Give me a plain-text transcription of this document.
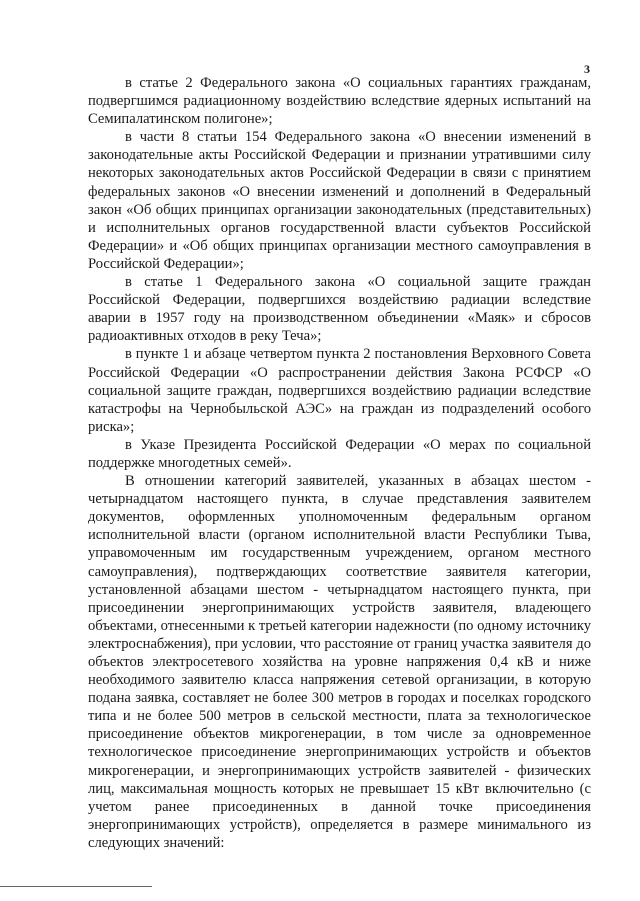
3

в статье 2 Федерального закона «О социальных гарантиях гражданам, подвергшимся радиационному воздействию вследствие ядерных испытаний на Семипалатинском полигоне»;

в части 8 статьи 154 Федерального закона «О внесении изменений в законодательные акты Российской Федерации и признании утратившими силу некоторых законодательных актов Российской Федерации в связи с принятием федеральных законов «О внесении изменений и дополнений в Федеральный закон «Об общих принципах организации законодательных (представительных) и исполнительных органов государственной власти субъектов Российской Федерации» и «Об общих принципах организации местного самоуправления в Российской Федерации»;

в статье 1 Федерального закона «О социальной защите граждан Российской Федерации, подвергшихся воздействию радиации вследствие аварии в 1957 году на производственном объединении «Маяк» и сбросов радиоактивных отходов в реку Теча»;

в пункте 1 и абзаце четвертом пункта 2 постановления Верховного Совета Российской Федерации «О распространении действия Закона РСФСР «О социальной защите граждан, подвергшихся воздействию радиации вследствие катастрофы на Чернобыльской АЭС» на граждан из подразделений особого риска»;

в Указе Президента Российской Федерации «О мерах по социальной поддержке многодетных семей».

В отношении категорий заявителей, указанных в абзацах шестом - четырнадцатом настоящего пункта, в случае представления заявителем документов, оформленных уполномоченным федеральным органом исполнительной власти (органом исполнительной власти Республики Тыва, управомоченным им государственным учреждением, органом местного самоуправления), подтверждающих соответствие заявителя категории, установленной абзацами шестом - четырнадцатом настоящего пункта, при присоединении энергопринимающих устройств заявителя, владеющего объектами, отнесенными к третьей категории надежности (по одному источнику электроснабжения), при условии, что расстояние от границ участка заявителя до объектов электросетевого хозяйства на уровне напряжения 0,4 кВ и ниже необходимого заявителю класса напряжения сетевой организации, в которую подана заявка, составляет не более 300 метров в городах и поселках городского типа и не более 500 метров в сельской местности, плата за технологическое присоединение объектов микрогенерации, в том числе за одновременное технологическое присоединение энергопринимающих устройств и объектов микрогенерации, и энергопринимающих устройств заявителей - физических лиц, максимальная мощность которых не превышает 15 кВт включительно (с учетом ранее присоединенных в данной точке присоединения энергопринимающих устройств), определяется в размере минимального из следующих значений:
